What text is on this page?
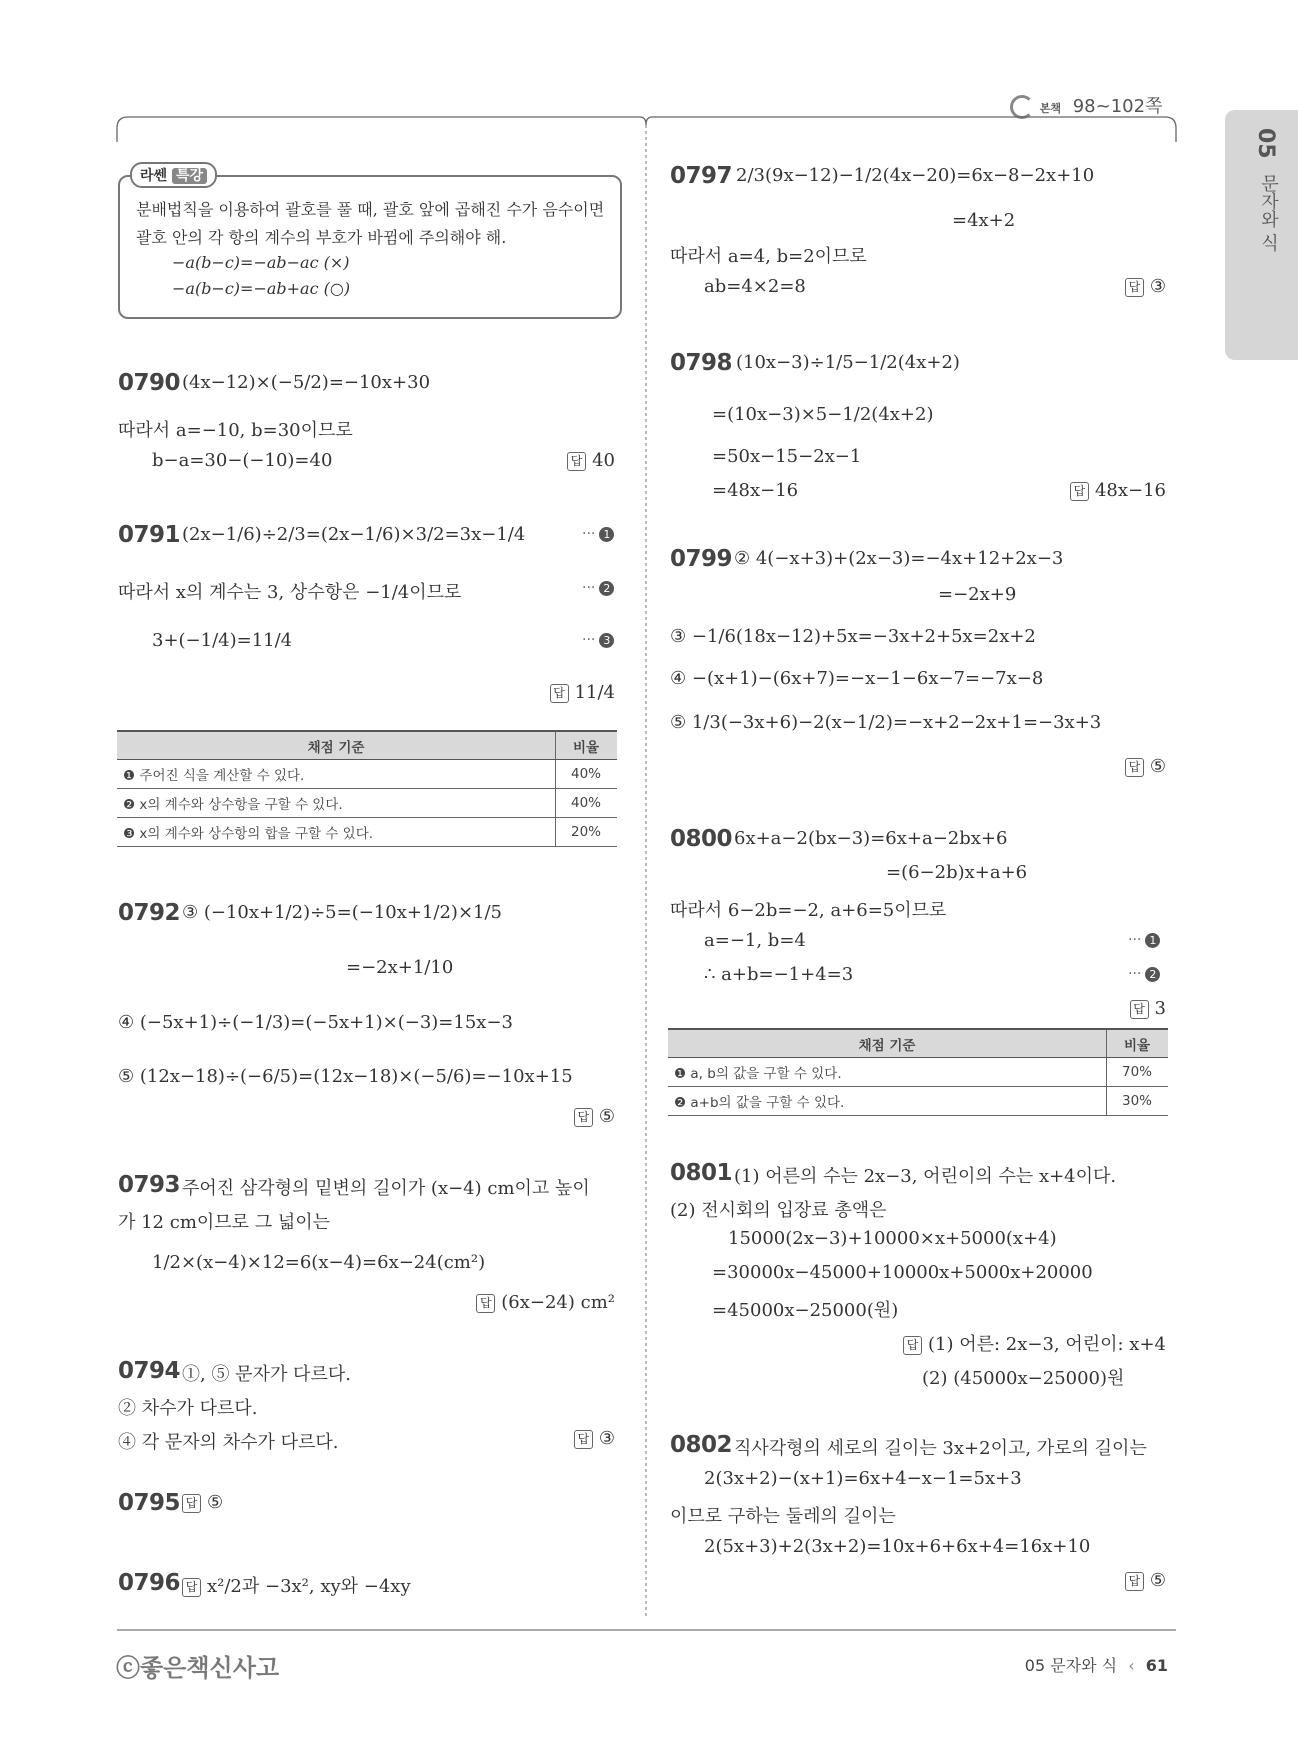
본책 98~102쪽
05
문자와 식
라쎈 특강
분배법칙을 이용하여 괄호를 풀 때, 괄호 앞에 곱해진 수가 음수이면
괄호 안의 각 항의 계수의 부호가 바뀜에 주의해야 해.
−a(b−c)=−ab−ac (×)
−a(b−c)=−ab+ac (○)
0790 (4x−12)×(−5/2)=−10x+30
따라서 a=−10, b=30이므로
b−a=30−(−10)=40	답 40
0791 (2x−1/6)÷2/3=(2x−1/6)×3/2=3x−1/4	··· 1
따라서 x의 계수는 3, 상수항은 −1/4이므로	··· 2
3+(−1/4)=11/4	··· 3
답 11/4
채점 기준	비율
❶ 주어진 식을 계산할 수 있다.	40%
❷ x의 계수와 상수항을 구할 수 있다.	40%
❸ x의 계수와 상수항의 합을 구할 수 있다.	20%
0792 ③ (−10x+1/2)÷5=(−10x+1/2)×1/5
=−2x+1/10
④ (−5x+1)÷(−1/3)=(−5x+1)×(−3)=15x−3
⑤ (12x−18)÷(−6/5)=(12x−18)×(−5/6)=−10x+15
답 ⑤
0793 주어진 삼각형의 밑변의 길이가 (x−4) cm이고 높이
가 12 cm이므로 그 넓이는
1/2×(x−4)×12=6(x−4)=6x−24(cm²)
답 (6x−24) cm²
0794 ①, ⑤ 문자가 다르다.
② 차수가 다르다.
④ 각 문자의 차수가 다르다.	답 ③
0795 답 ⑤
0796 답 x²/2과 −3x², xy와 −4xy
0797 2/3(9x−12)−1/2(4x−20)=6x−8−2x+10
=4x+2
따라서 a=4, b=2이므로
ab=4×2=8	답 ③
0798 (10x−3)÷1/5−1/2(4x+2)
=(10x−3)×5−1/2(4x+2)
=50x−15−2x−1
=48x−16	답 48x−16
0799 ② 4(−x+3)+(2x−3)=−4x+12+2x−3
=−2x+9
③ −1/6(18x−12)+5x=−3x+2+5x=2x+2
④ −(x+1)−(6x+7)=−x−1−6x−7=−7x−8
⑤ 1/3(−3x+6)−2(x−1/2)=−x+2−2x+1=−3x+3
답 ⑤
0800 6x+a−2(bx−3)=6x+a−2bx+6
=(6−2b)x+a+6
따라서 6−2b=−2, a+6=5이므로
a=−1, b=4	··· 1
∴ a+b=−1+4=3	··· 2
답 3
채점 기준	비율
❶ a, b의 값을 구할 수 있다.	70%
❷ a+b의 값을 구할 수 있다.	30%
0801 (1) 어른의 수는 2x−3, 어린이의 수는 x+4이다.
(2) 전시회의 입장료 총액은
15000(2x−3)+10000×x+5000(x+4)
=30000x−45000+10000x+5000x+20000
=45000x−25000(원)
답 (1) 어른: 2x−3, 어린이: x+4
(2) (45000x−25000)원
0802 직사각형의 세로의 길이는 3x+2이고, 가로의 길이는
2(3x+2)−(x+1)=6x+4−x−1=5x+3
이므로 구하는 둘레의 길이는
2(5x+3)+2(3x+2)=10x+6+6x+4=16x+10
답 ⑤
ⓒ좋은책신사고	05 문자와 식 ‹ 61
